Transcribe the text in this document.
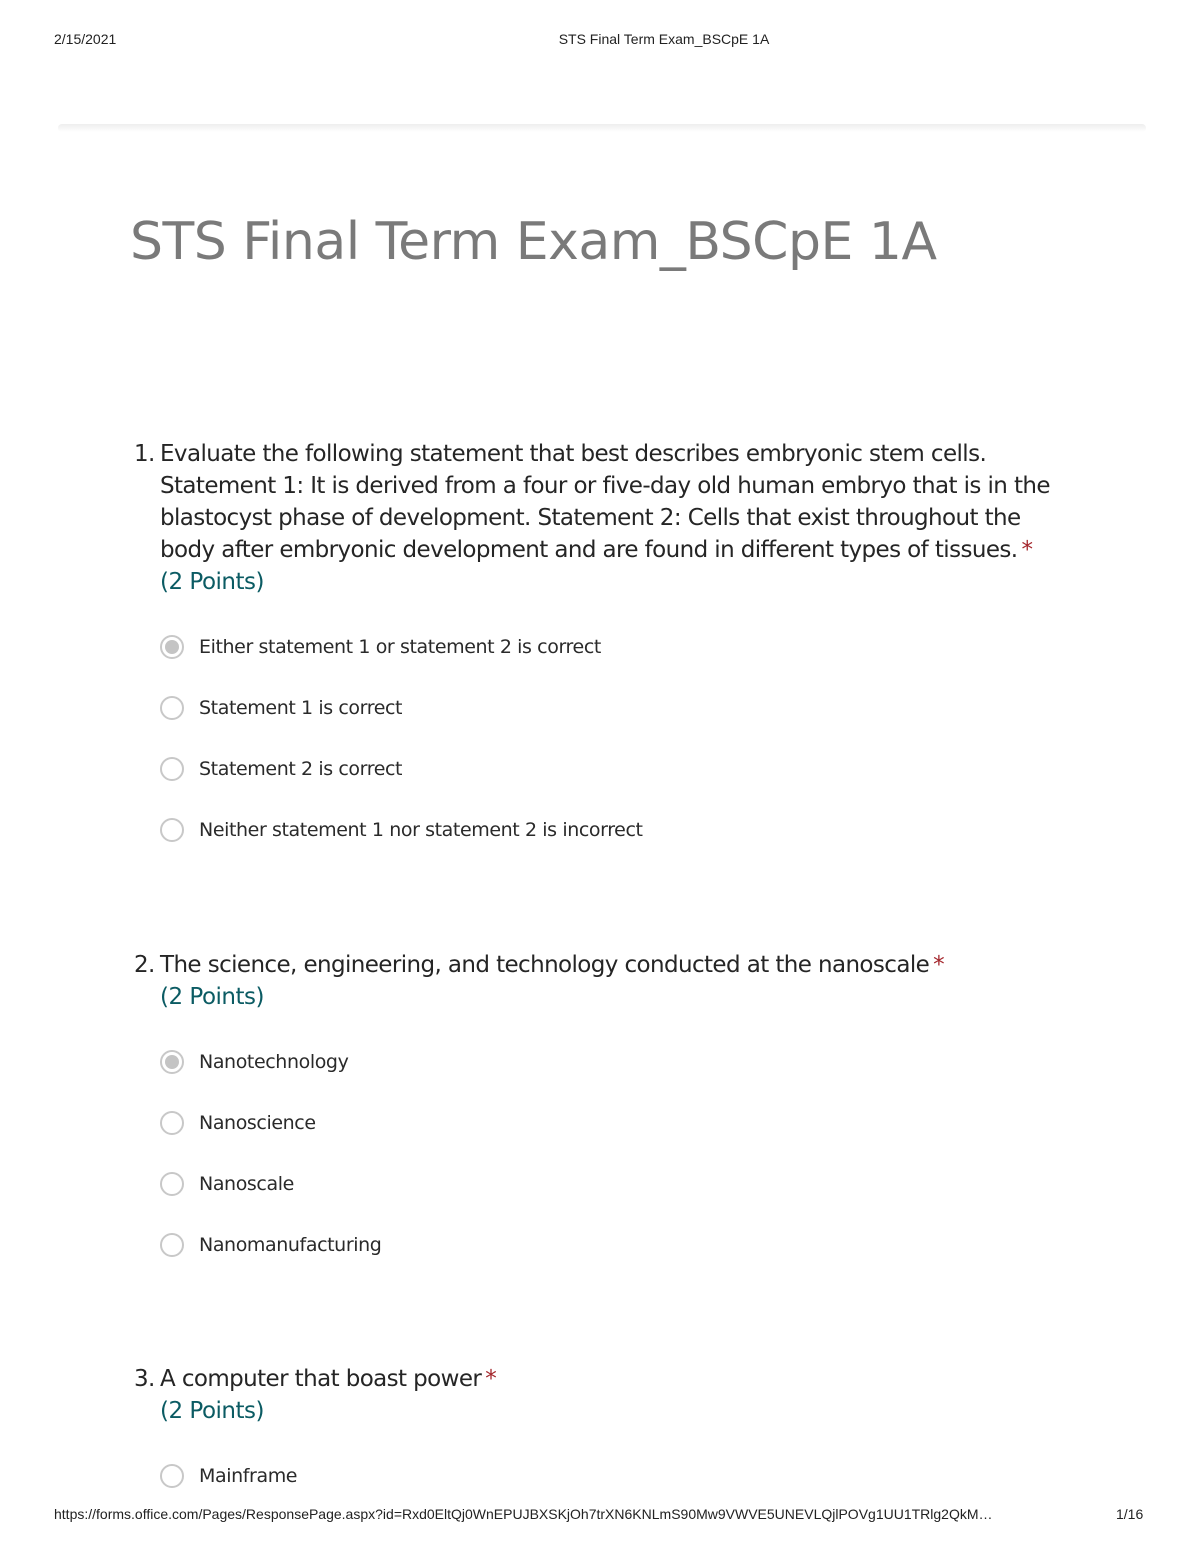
2/15/2021	STS Final Term Exam_BSCpE 1A
STS Final Term Exam_BSCpE 1A
1. Evaluate the following statement that best describes embryonic stem cells. Statement 1: It is derived from a four or five-day old human embryo that is in the blastocyst phase of development. Statement 2: Cells that exist throughout the body after embryonic development and are found in different types of tissues. *
(2 Points)
Either statement 1 or statement 2 is correct
Statement 1 is correct
Statement 2 is correct
Neither statement 1 nor statement 2 is incorrect
2. The science, engineering, and technology conducted at the nanoscale *
(2 Points)
Nanotechnology
Nanoscience
Nanoscale
Nanomanufacturing
3. A computer that boast power *
(2 Points)
Mainframe
https://forms.office.com/Pages/ResponsePage.aspx?id=Rxd0EltQj0WnEPUJBXSKjOh7trXN6KNLmS90Mw9VWVE5UNEVLQjlPOVg1UU1TRlg2QkM…	1/16
